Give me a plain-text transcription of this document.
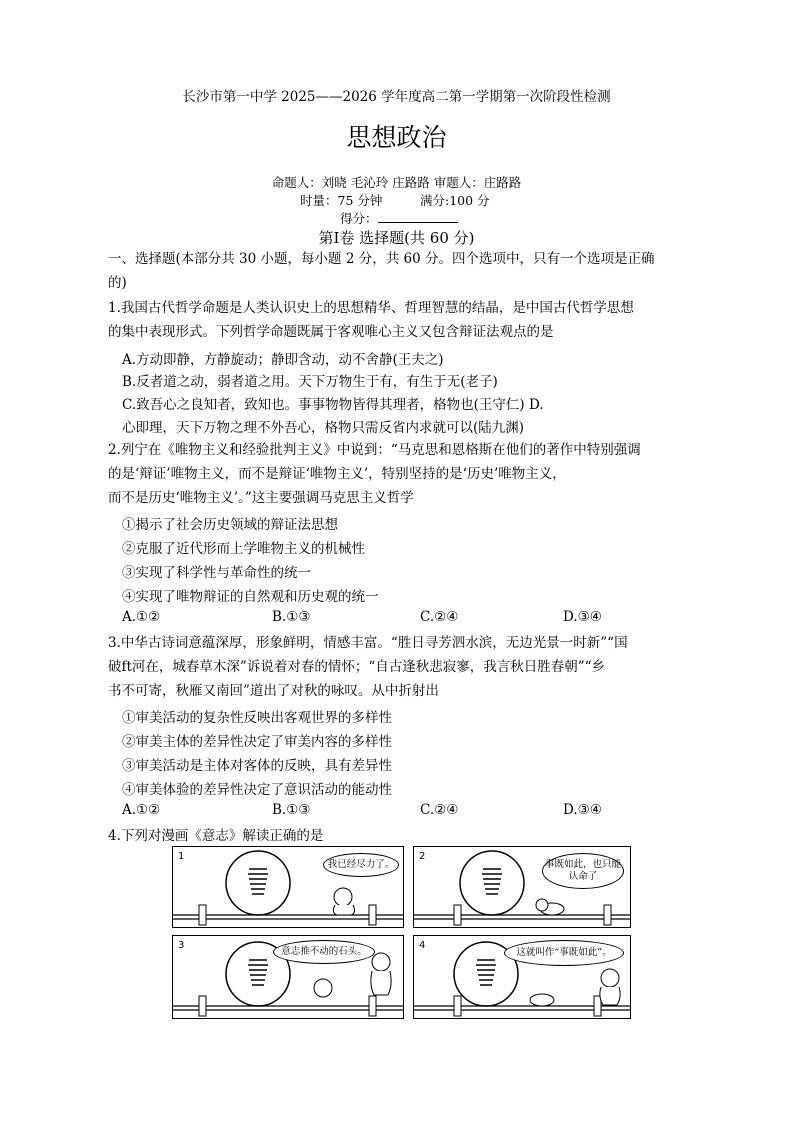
长沙市第一中学 2025——2026 学年度高二第一学期第一次阶段性检测
思想政治
命题人：刘晓 毛沁玲 庄路路 审题人：庄路路
时量：75 分钟	满分:100 分
得分：
第Ⅰ卷 选择题(共 60 分)
一、选择题(本部分共 30 小题，每小题 2 分，共 60 分。四个选项中，只有一个选项是正确
的)
1.我国古代哲学命题是人类认识史上的思想精华、哲理智慧的结晶，是中国古代哲学思想
的集中表现形式。下列哲学命题既属于客观唯心主义又包含辩证法观点的是
A.方动即静，方静旋动；静即含动，动不舍静(王夫之)
B.反者道之动，弱者道之用。天下万物生于有，有生于无(老子)
C.致吾心之良知者，致知也。事事物物皆得其理者，格物也(王守仁) D.
心即理，天下万物之理不外吾心，格物只需反省内求就可以(陆九渊)
2.列宁在《唯物主义和经验批判主义》中说到：“马克思和恩格斯在他们的著作中特别强调
的是‘辩证’唯物主义，而不是辩证‘唯物主义’，特别坚持的是‘历史’唯物主义，
而不是历史‘唯物主义’。”这主要强调马克思主义哲学
①揭示了社会历史领域的辩证法思想
②克服了近代形而上学唯物主义的机械性
③实现了科学性与革命性的统一
④实现了唯物辩证的自然观和历史观的统一
A.①②	B.①③	C.②④	D.③④
3.中华古诗词意蕴深厚，形象鲜明，情感丰富。“胜日寻芳泗水滨，无边光景一时新”“国
破ft河在，城春草木深”诉说着对春的情怀；“自古逢秋悲寂寥，我言秋日胜春朝”“乡
书不可寄，秋雁又南回”道出了对秋的咏叹。从中折射出
①审美活动的复杂性反映出客观世界的多样性
②审美主体的差异性决定了审美内容的多样性
③审美活动是主体对客体的反映，具有差异性
④审美体验的差异性决定了意识活动的能动性
A.①②	B.①③	C.②④	D.③④
4.下列对漫画《意志》解读正确的是
1
我已经尽力了。
2
事既如此，也只能认命了
3
意志推不动的石头。
4
这就叫作“事既如此”。
